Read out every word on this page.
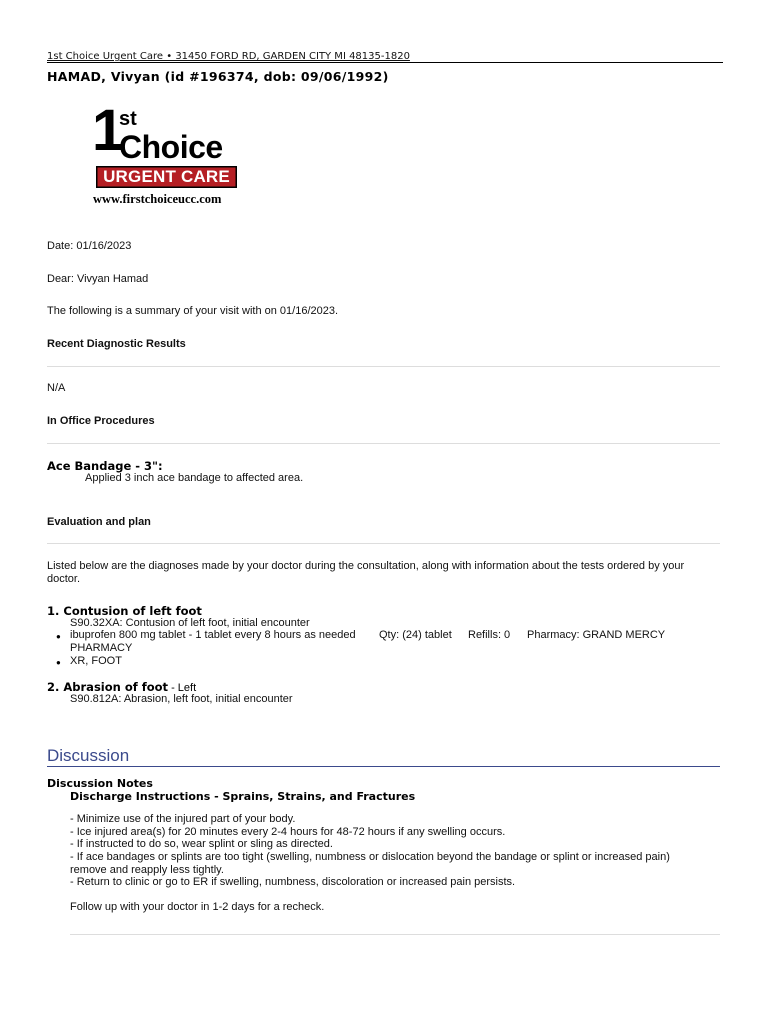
1st Choice Urgent Care • 31450 FORD RD, GARDEN CITY MI 48135-1820
HAMAD, Vivyan (id #196374, dob: 09/06/1992)
1
st
Choice
URGENT CARE
www.firstchoiceucc.com
Date: 01/16/2023
Dear: Vivyan Hamad
The following is a summary of your visit with on 01/16/2023.
Recent Diagnostic Results
N/A
In Office Procedures
Ace Bandage - 3":
Applied 3 inch ace bandage to affected area.
Evaluation and plan
Listed below are the diagnoses made by your doctor during the consultation, along with information about the tests ordered by your
doctor.
1. Contusion of left foot
S90.32XA: Contusion of left foot, initial encounter
● ibuprofen 800 mg tablet - 1 tablet every 8 hours as needed Qty: (24) tablet Refills: 0 Pharmacy: GRAND MERCY
PHARMACY
● XR, FOOT
2. Abrasion of foot - Left
S90.812A: Abrasion, left foot, initial encounter
Discussion
Discussion Notes
Discharge Instructions - Sprains, Strains, and Fractures
- Minimize use of the injured part of your body.
- Ice injured area(s) for 20 minutes every 2-4 hours for 48-72 hours if any swelling occurs.
- If instructed to do so, wear splint or sling as directed.
- If ace bandages or splints are too tight (swelling, numbness or dislocation beyond the bandage or splint or increased pain)
remove and reapply less tightly.
- Return to clinic or go to ER if swelling, numbness, discoloration or increased pain persists.
Follow up with your doctor in 1-2 days for a recheck.
